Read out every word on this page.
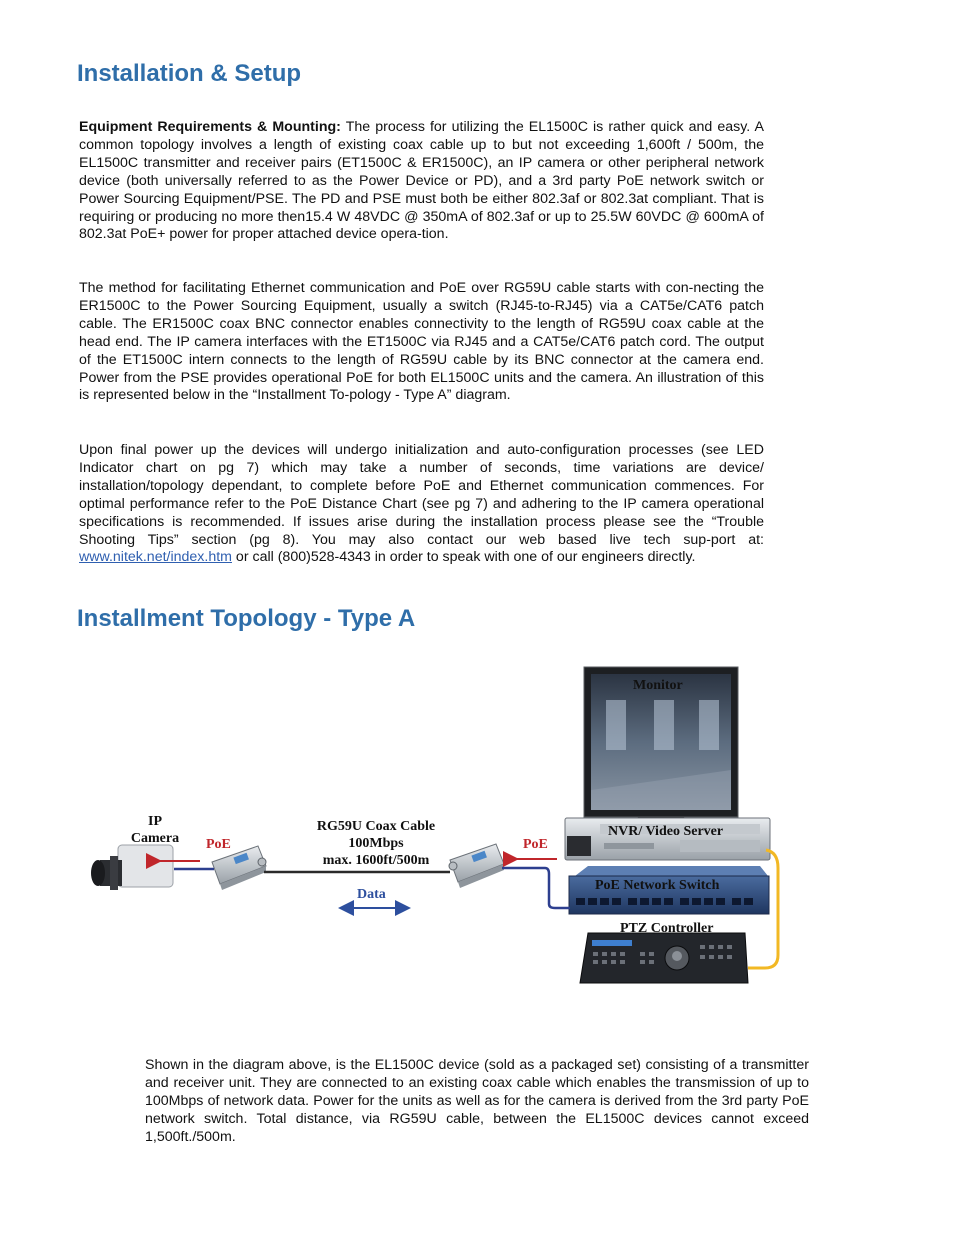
Installation & Setup

Equipment Requirements & Mounting: The process for utilizing the EL1500C is rather quick and easy. A common topology involves a length of existing coax cable up to but not exceeding 1,600ft / 500m, the EL1500C transmitter and receiver pairs (ET1500C & ER1500C), an IP camera or other peripheral network device (both universally referred to as the Power Device or PD), and a 3rd party PoE network switch or Power Sourcing Equipment/PSE. The PD and PSE must both be either 802.3af or 802.3at compliant. That is requiring or producing no more then15.4 W 48VDC @ 350mA of 802.3af or up to 25.5W 60VDC @ 600mA of 802.3at PoE+ power for proper attached device opera-tion.

The method for facilitating Ethernet communication and PoE over RG59U cable starts with con-necting the ER1500C to the Power Sourcing Equipment, usually a switch (RJ45-to-RJ45) via a CAT5e/CAT6 patch cable. The ER1500C coax BNC connector enables connectivity to the length of RG59U coax cable at the head end. The IP camera interfaces with the ET1500C via RJ45 and a CAT5e/CAT6 patch cord. The output of the ET1500C intern connects to the length of RG59U cable by its BNC connector at the camera end. Power from the PSE provides operational PoE for both EL1500C units and the camera. An illustration of this is represented below in the “Installment To-pology - Type A” diagram.

Upon final power up the devices will undergo initialization and auto-configuration processes (see LED Indicator chart on pg 7) which may take a number of seconds, time variations are device/ installation/topology dependant, to complete before PoE and Ethernet communication commences. For optimal performance refer to the PoE Distance Chart (see pg 7) and adhering to the IP camera operational specifications is recommended. If issues arise during the installation process please see the “Trouble Shooting Tips” section (pg 8). You may also contact our web based live tech sup-port at: www.nitek.net/index.htm or call (800)528-4343 in order to speak with one of our engineers directly.

Installment Topology - Type A
Monitor
IP
Camera	PoE	PoE
RG59U Coax Cable
100Mbps
max. 1600ft/500m
Data
NVR/ Video Server
PoE Network Switch
PTZ Controller

Shown in the diagram above, is the EL1500C device (sold as a packaged set) consisting of a transmitter and receiver unit. They are connected to an existing coax cable which enables the transmission of up to 100Mbps of network data. Power for the units as well as for the camera is derived from the 3rd party PoE network switch. Total distance, via RG59U cable, between the EL1500C devices cannot exceed 1,500ft./500m.
